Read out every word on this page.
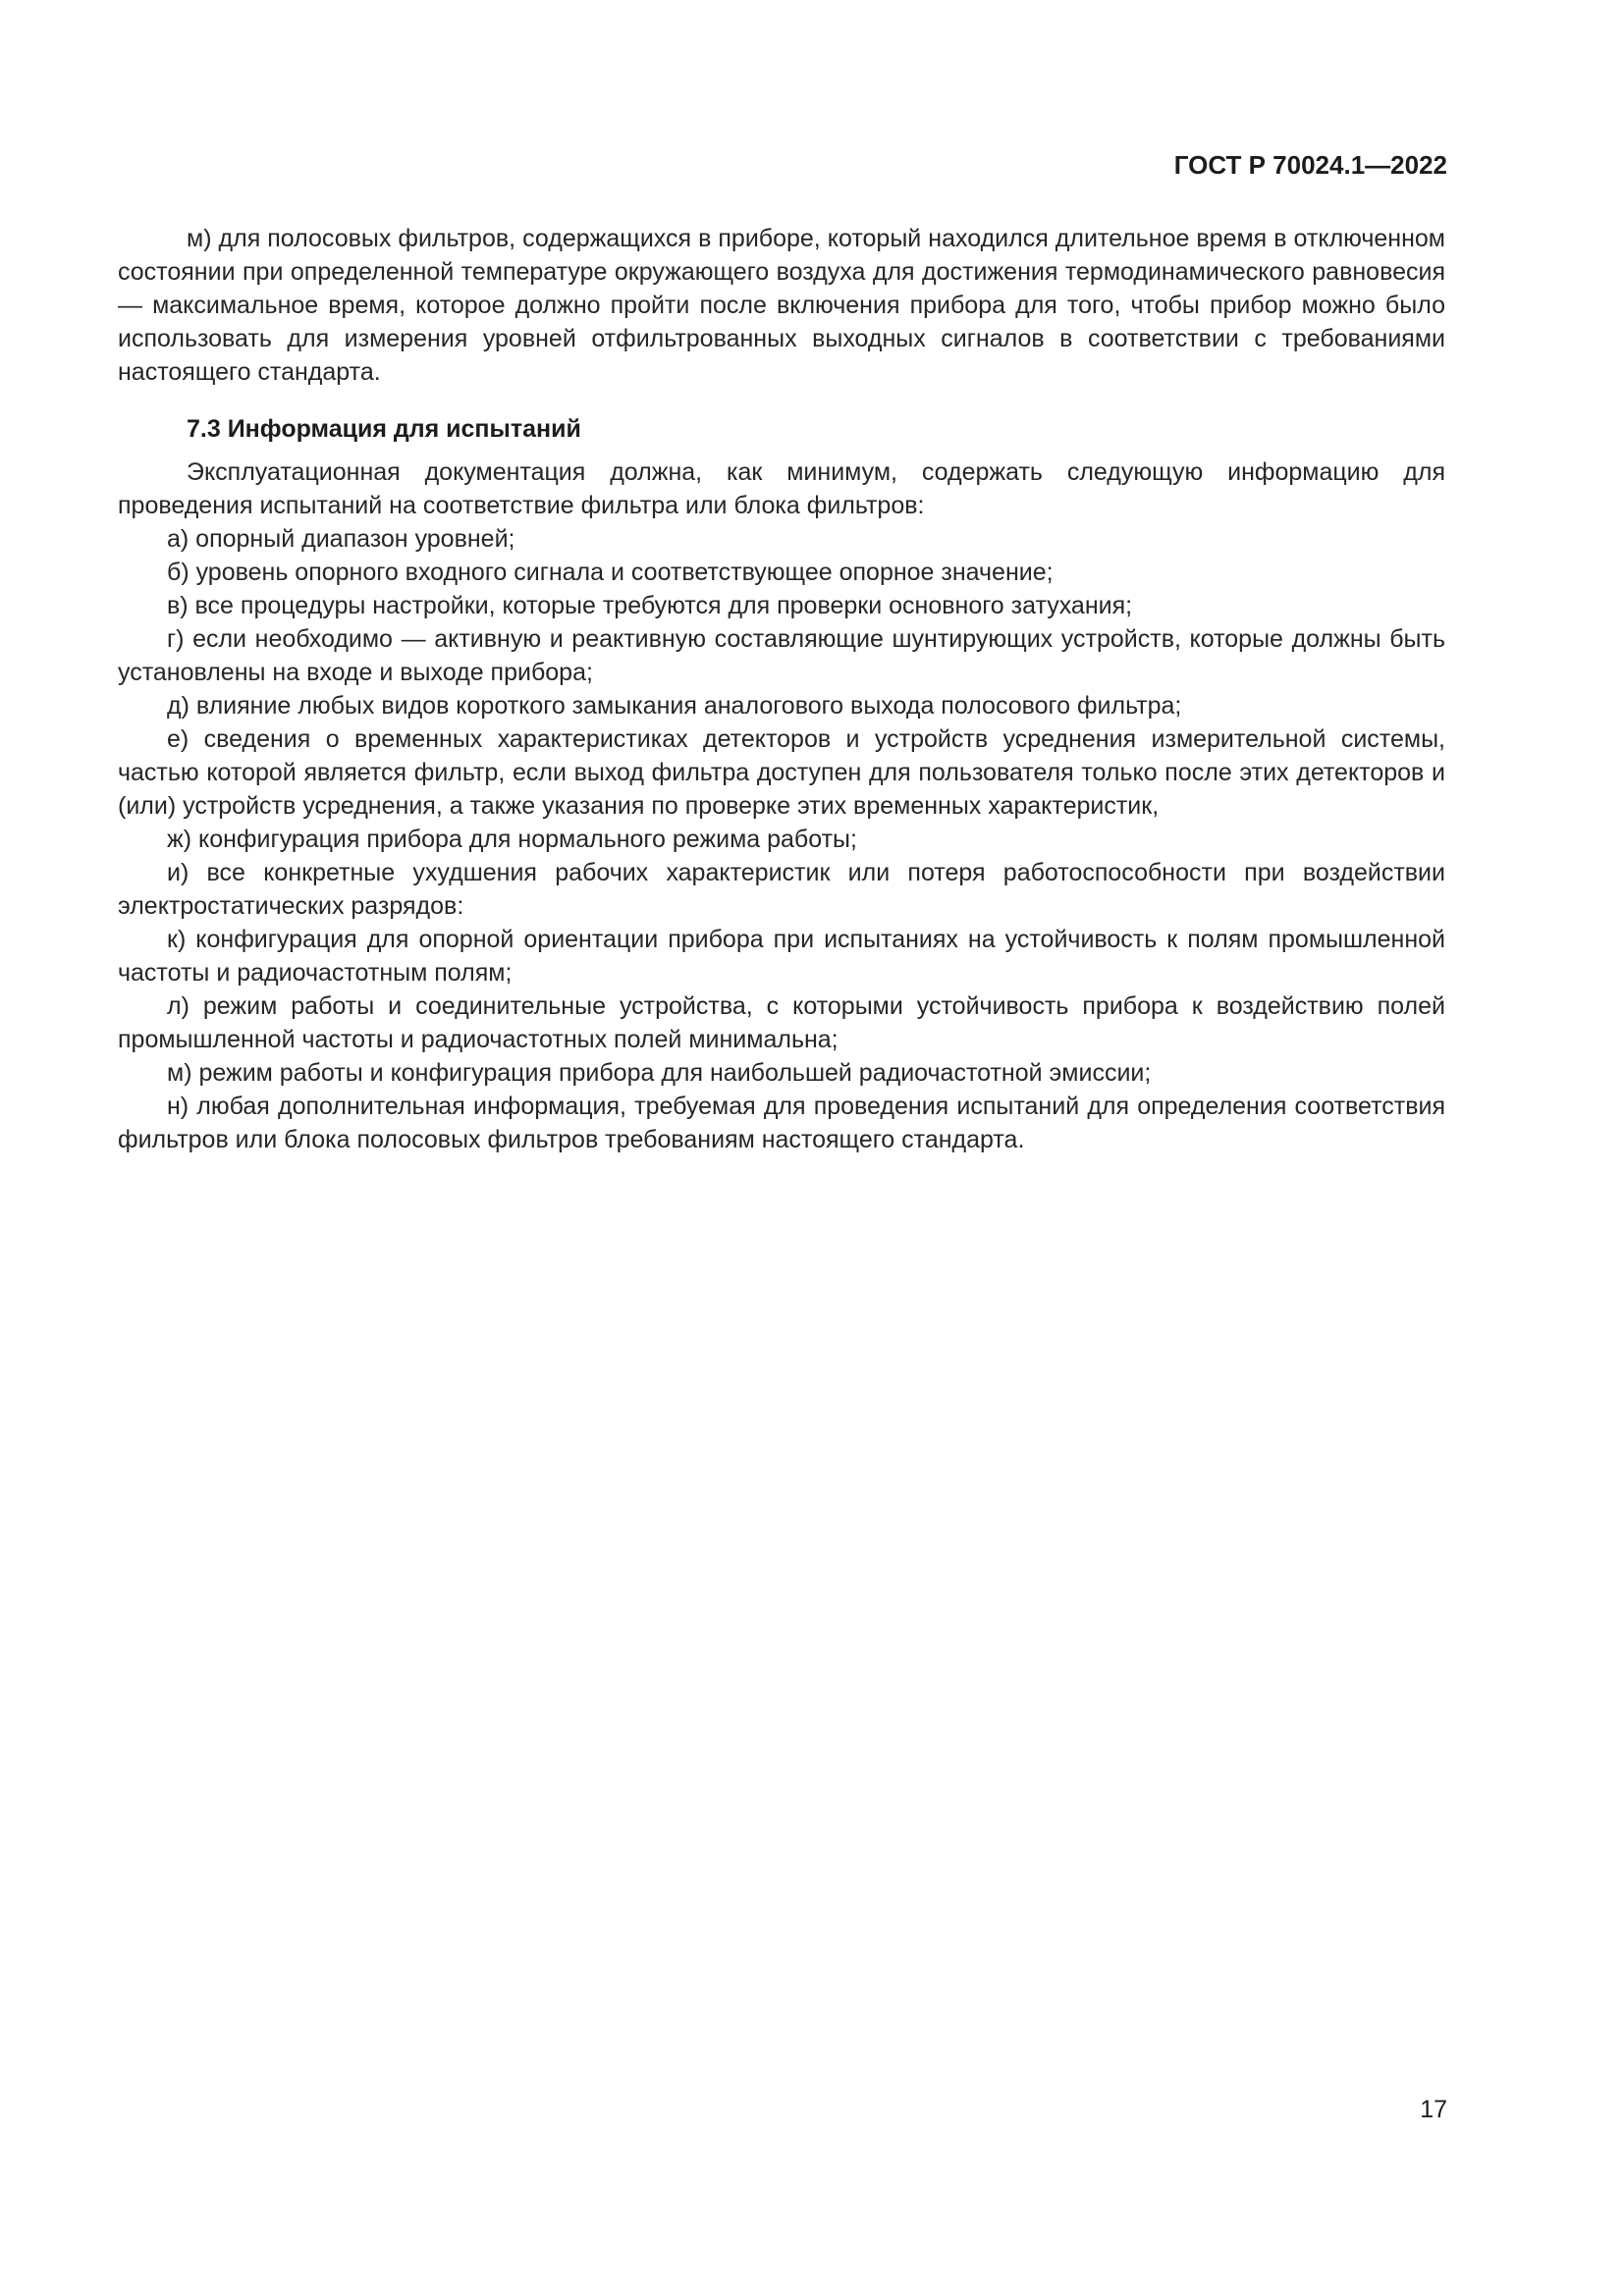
ГОСТ Р 70024.1—2022

м) для полосовых фильтров, содержащихся в приборе, который находился длительное время в отключенном состоянии при определенной температуре окружающего воздуха для достижения термодинамического равновесия — максимальное время, которое должно пройти после включения прибора для того, чтобы прибор можно было использовать для измерения уровней отфильтрованных выходных сигналов в соответствии с требованиями настоящего стандарта.

7.3 Информация для испытаний

Эксплуатационная документация должна, как минимум, содержать следующую информацию для проведения испытаний на соответствие фильтра или блока фильтров:

а) опорный диапазон уровней;

б) уровень опорного входного сигнала и соответствующее опорное значение;

в) все процедуры настройки, которые требуются для проверки основного затухания;

г) если необходимо — активную и реактивную составляющие шунтирующих устройств, которые должны быть установлены на входе и выходе прибора;

д) влияние любых видов короткого замыкания аналогового выхода полосового фильтра;

е) сведения о временных характеристиках детекторов и устройств усреднения измерительной системы, частью которой является фильтр, если выход фильтра доступен для пользователя только после этих детекторов и (или) устройств усреднения, а также указания по проверке этих временных характеристик,

ж) конфигурация прибора для нормального режима работы;

и) все конкретные ухудшения рабочих характеристик или потеря работоспособности при воздействии электростатических разрядов:

к) конфигурация для опорной ориентации прибора при испытаниях на устойчивость к полям промышленной частоты и радиочастотным полям;

л) режим работы и соединительные устройства, с которыми устойчивость прибора к воздействию полей промышленной частоты и радиочастотных полей минимальна;

м) режим работы и конфигурация прибора для наибольшей радиочастотной эмиссии;

н) любая дополнительная информация, требуемая для проведения испытаний для определения соответствия фильтров или блока полосовых фильтров требованиям настоящего стандарта.

17
